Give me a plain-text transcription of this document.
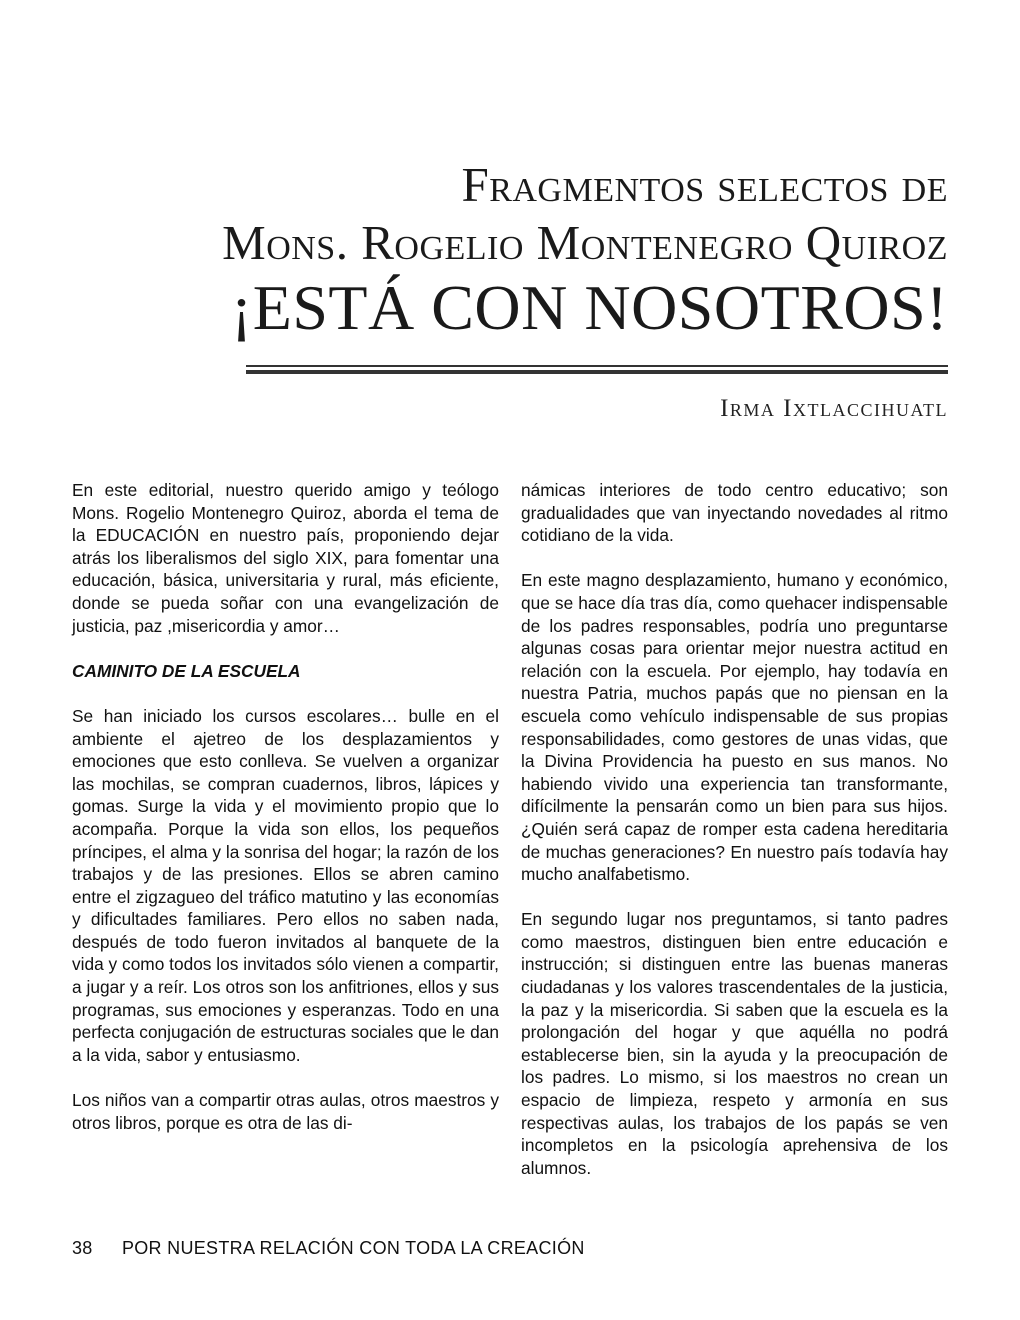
Fragmentos selectos de
Mons. Rogelio Montenegro Quiroz
¡ESTÁ CON NOSOTROS!
Irma Ixtlaccihuatl

En este editorial, nuestro querido amigo y teólogo Mons. Rogelio Montenegro Quiroz, aborda el tema de la EDUCACIÓN en nuestro país, proponiendo dejar atrás los liberalismos del siglo XIX, para fomentar una educación, básica, universitaria y rural, más eficiente, donde se pueda soñar con una evangelización de justicia, paz ,misericordia y amor…

CAMINITO DE LA ESCUELA

Se han iniciado los cursos escolares… bulle en el ambiente el ajetreo de los desplazamientos y emociones que esto conlleva. Se vuelven a organizar las mochilas, se compran cuadernos, libros, lápices y gomas. Surge la vida y el movimiento propio que lo acompaña. Porque la vida son ellos, los pequeños príncipes, el alma y la sonrisa del hogar; la razón de los trabajos y de las presiones. Ellos se abren camino entre el zigzagueo del tráfico matutino y las economías y dificultades familiares. Pero ellos no saben nada, después de todo fueron invitados al banquete de la vida y como todos los invitados sólo vienen a compartir, a jugar y a reír. Los otros son los anfitriones, ellos y sus programas, sus emociones y esperanzas. Todo en una perfecta conjugación de estructuras sociales que le dan a la vida, sabor y entusiasmo.

Los niños van a compartir otras aulas, otros maestros y otros libros, porque es otra de las di-

námicas interiores de todo centro educativo; son gradualidades que van inyectando novedades al ritmo cotidiano de la vida.

En este magno desplazamiento, humano y económico, que se hace día tras día, como quehacer indispensable de los padres responsables, podría uno preguntarse algunas cosas para orientar mejor nuestra actitud en relación con la escuela. Por ejemplo, hay todavía en nuestra Patria, muchos papás que no piensan en la escuela como vehículo indispensable de sus propias responsabilidades, como gestores de unas vidas, que la Divina Providencia ha puesto en sus manos. No habiendo vivido una experiencia tan transformante, difícilmente la pensarán como un bien para sus hijos. ¿Quién será capaz de romper esta cadena hereditaria de muchas generaciones? En nuestro país todavía hay mucho analfabetismo.

En segundo lugar nos preguntamos, si tanto padres como maestros, distinguen bien entre educación e instrucción; si distinguen entre las buenas maneras ciudadanas y los valores trascendentales de la justicia, la paz y la misericordia. Si saben que la escuela es la prolongación del hogar y que aquélla no podrá establecerse bien, sin la ayuda y la preocupación de los padres. Lo mismo, si los maestros no crean un espacio de limpieza, respeto y armonía en sus respectivas aulas, los trabajos de los papás se ven incompletos en la psicología aprehensiva de los alumnos.

38 POR NUESTRA RELACIÓN CON TODA LA CREACIÓN
